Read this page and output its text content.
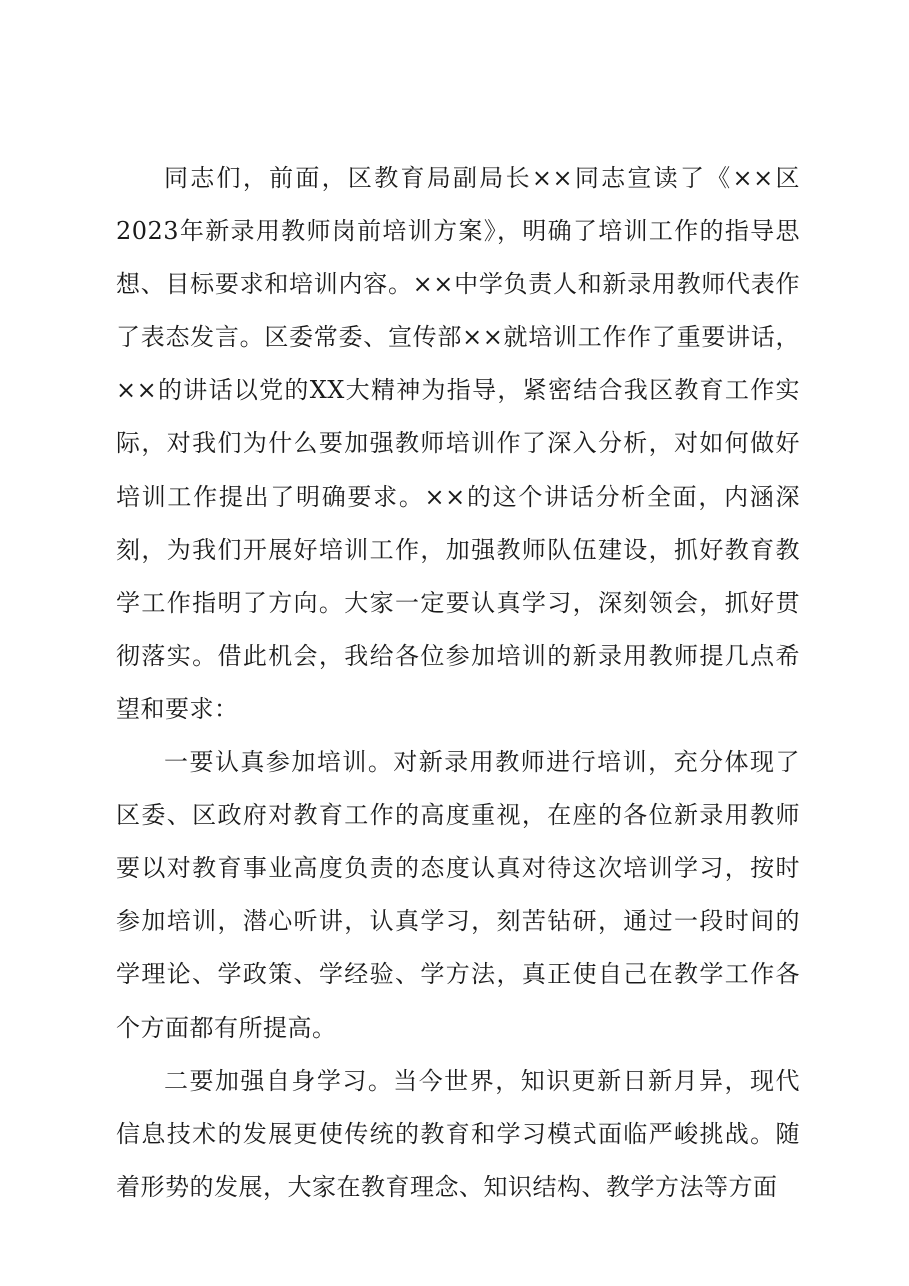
同志们，前面，区教育局副局长××同志宣读了《××区2023年新录用教师岗前培训方案》，明确了培训工作的指导思想、目标要求和培训内容。××中学负责人和新录用教师代表作了表态发言。区委常委、宣传部××就培训工作作了重要讲话，××的讲话以党的XX大精神为指导，紧密结合我区教育工作实际，对我们为什么要加强教师培训作了深入分析，对如何做好培训工作提出了明确要求。××的这个讲话分析全面，内涵深刻，为我们开展好培训工作，加强教师队伍建设，抓好教育教学工作指明了方向。大家一定要认真学习，深刻领会，抓好贯彻落实。借此机会，我给各位参加培训的新录用教师提几点希望和要求：

一要认真参加培训。对新录用教师进行培训，充分体现了区委、区政府对教育工作的高度重视，在座的各位新录用教师要以对教育事业高度负责的态度认真对待这次培训学习，按时参加培训，潜心听讲，认真学习，刻苦钻研，通过一段时间的学理论、学政策、学经验、学方法，真正使自己在教学工作各个方面都有所提高。

二要加强自身学习。当今世界，知识更新日新月异，现代信息技术的发展更使传统的教育和学习模式面临严峻挑战。随着形势的发展，大家在教育理念、知识结构、教学方法等方面
